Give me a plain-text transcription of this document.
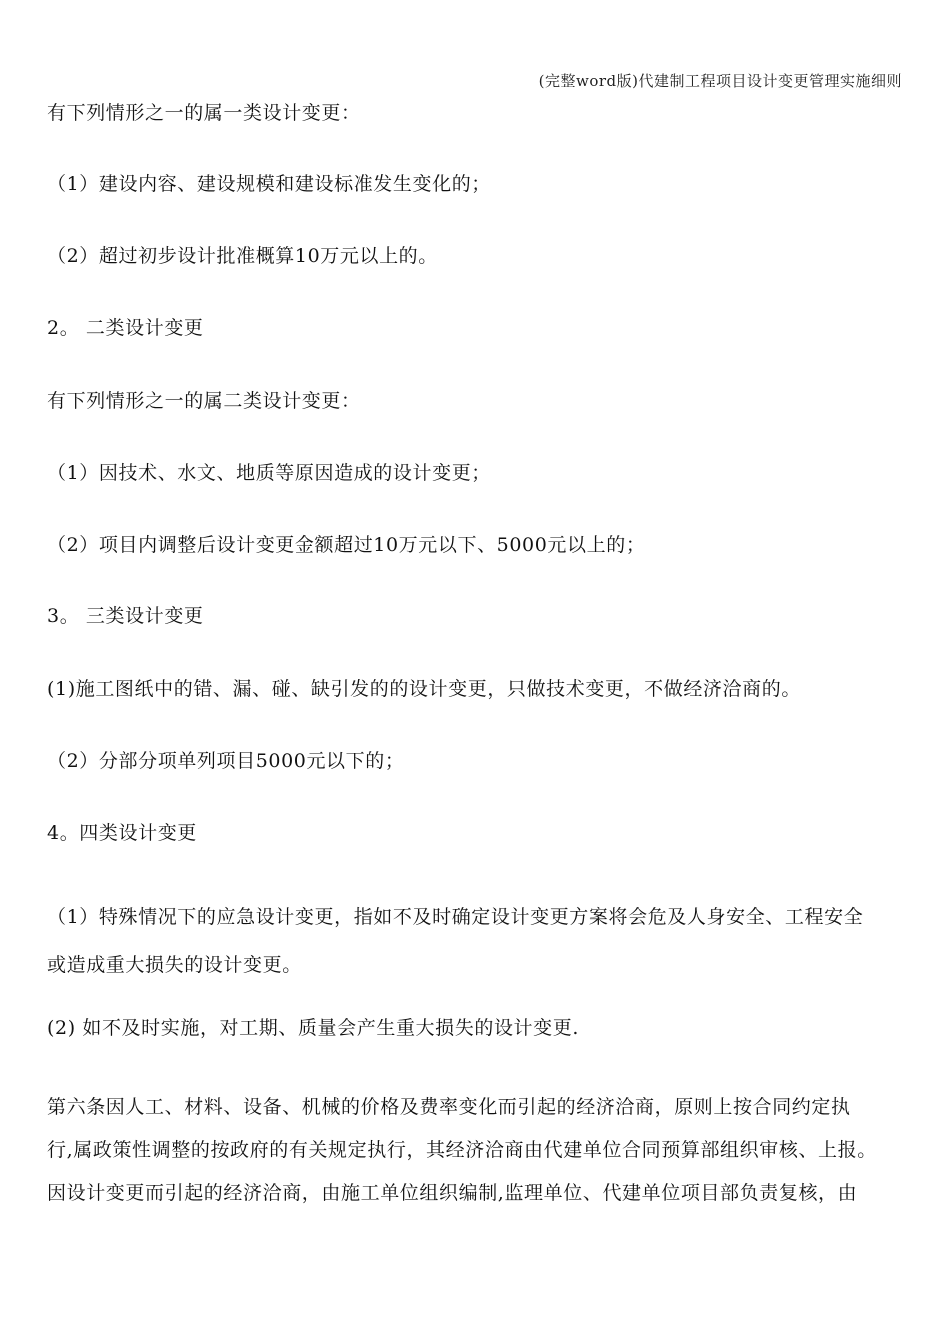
(完整word版)代建制工程项目设计变更管理实施细则
有下列情形之一的属一类设计变更：
（1）建设内容、建设规模和建设标准发生变化的；
（2）超过初步设计批准概算10万元以上的。
2。 二类设计变更
有下列情形之一的属二类设计变更：
（1）因技术、水文、地质等原因造成的设计变更；
（2）项目内调整后设计变更金额超过10万元以下、5000元以上的；
3。 三类设计变更
(1)施工图纸中的错、漏、碰、缺引发的的设计变更，只做技术变更，不做经济洽商的。
（2）分部分项单列项目5000元以下的；
4。四类设计变更
（1）特殊情况下的应急设计变更，指如不及时确定设计变更方案将会危及人身安全、工程安全
或造成重大损失的设计变更。
(2) 如不及时实施，对工期、质量会产生重大损失的设计变更.
第六条因人工、材料、设备、机械的价格及费率变化而引起的经济洽商，原则上按合同约定执
行,属政策性调整的按政府的有关规定执行，其经济洽商由代建单位合同预算部组织审核、上报。
因设计变更而引起的经济洽商，由施工单位组织编制,监理单位、代建单位项目部负责复核，由
